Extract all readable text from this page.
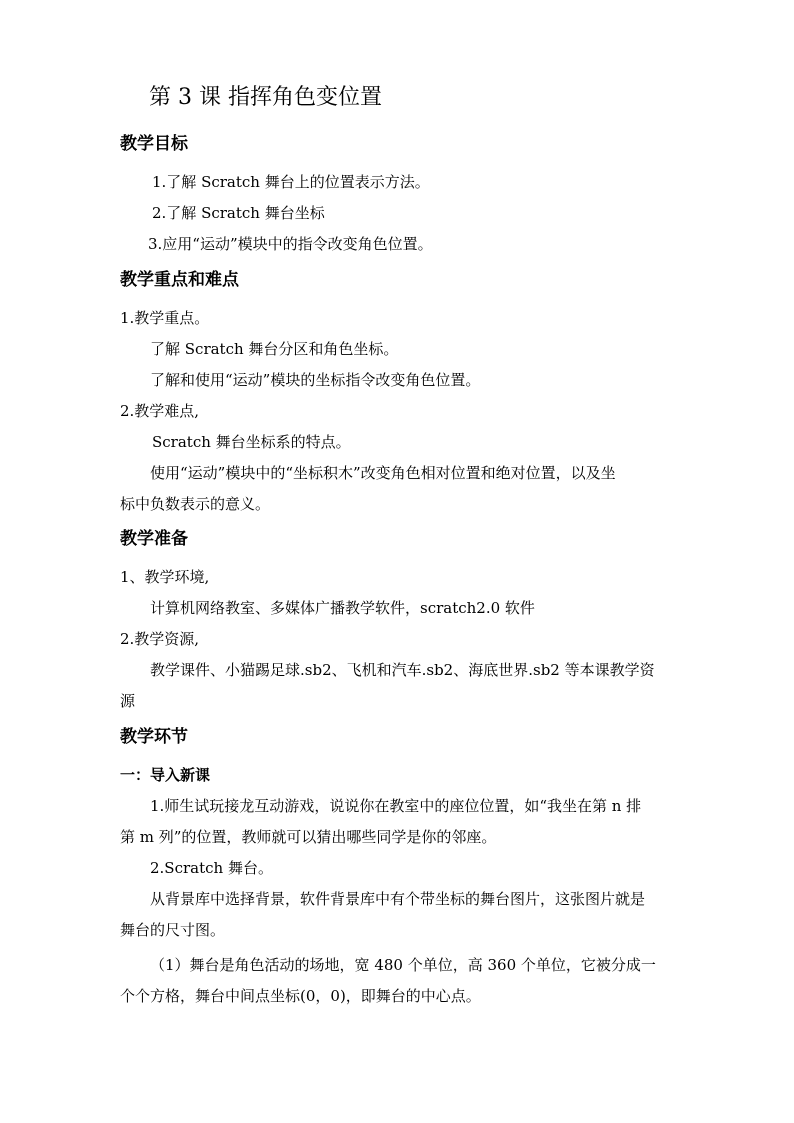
第 3 课 指挥角色变位置
教学目标
1.了解 Scratch 舞台上的位置表示方法。
2.了解 Scratch 舞台坐标
3.应用“运动”模块中的指令改变角色位置。
教学重点和难点
1.教学重点。
了解 Scratch 舞台分区和角色坐标。
了解和使用“运动”模块的坐标指令改变角色位置。
2.教学难点,
Scratch 舞台坐标系的特点。
使用“运动”模块中的“坐标积木”改变角色相对位置和绝对位置，以及坐
标中负数表示的意义。
教学准备
1、教学环境,
计算机网络教室、多媒体广播教学软件，scratch2.0 软件
2.教学资源,
教学课件、小猫踢足球.sb2、飞机和汽车.sb2、海底世界.sb2 等本课教学资
源
教学环节
一：导入新课
1.师生试玩接龙互动游戏，说说你在教室中的座位位置，如“我坐在第 n 排
第 m 列”的位置，教师就可以猜出哪些同学是你的邻座。
2.Scratch 舞台。
从背景库中选择背景，软件背景库中有个带坐标的舞台图片，这张图片就是
舞台的尺寸图。
（1）舞台是角色活动的场地，宽 480 个单位，高 360 个单位，它被分成一
个个方格，舞台中间点坐标(0，0)，即舞台的中心点。
